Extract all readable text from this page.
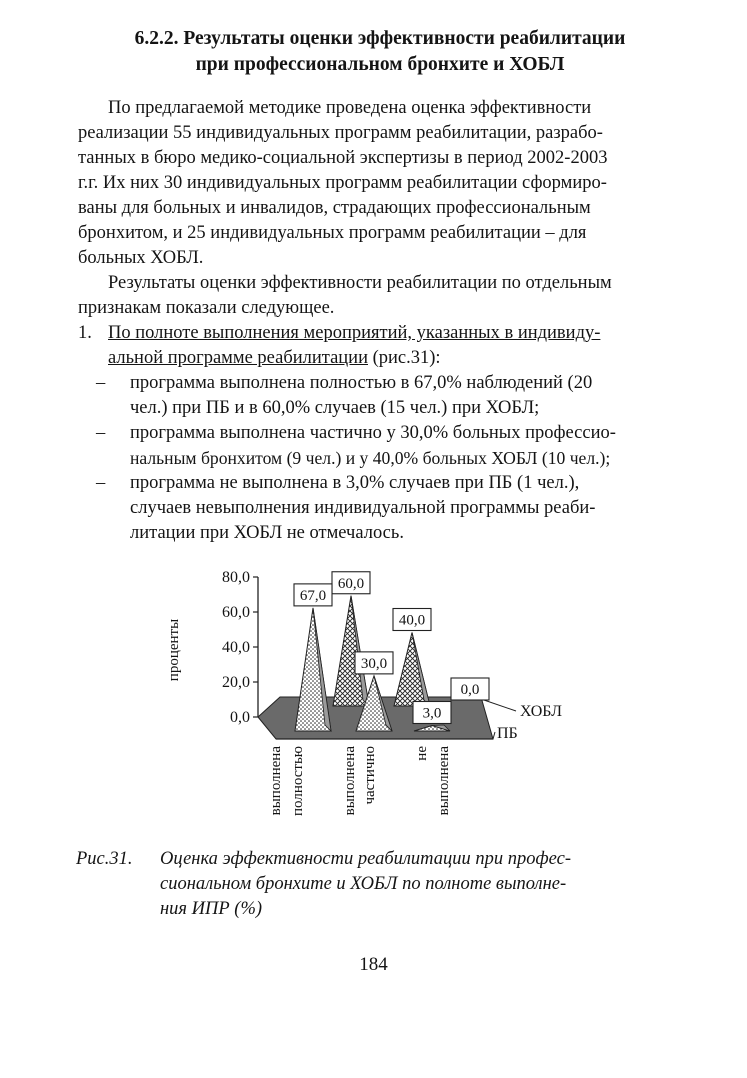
6.2.2. Результаты оценки эффективности реабилитации
при профессиональном бронхите и ХОБЛ
По предлагаемой методике проведена оценка эффективности
реализации 55 индивидуальных программ реабилитации, разрабо-
танных в бюро медико-социальной экспертизы в период 2002-2003
г.г. Их них 30 индивидуальных программ реабилитации сформиро-
ваны для больных и инвалидов, страдающих профессиональным
бронхитом, и 25 индивидуальных программ реабилитации – для
больных ХОБЛ.
Результаты оценки эффективности реабилитации по отдельным
признакам показали следующее.
1. По полноте выполнения мероприятий, указанных в индивиду-
альной программе реабилитации (рис.31):
– программа выполнена полностью в 67,0% наблюдений (20
чел.) при ПБ и в 60,0% случаев (15 чел.) при ХОБЛ;
– программа выполнена частично у 30,0% больных профессио-
нальным бронхитом (9 чел.) и у 40,0% больных ХОБЛ (10 чел.);
– программа не выполнена в 3,0% случаев при ПБ (1 чел.),
случаев невыполнения индивидуальной программы реаби-
литации при ХОБЛ не отмечалось.
80,0
60,0
40,0
20,0
0,0
проценты
ХОБЛ
ПБ
60,0
40,0
0,0
67,0
30,0
3,0
выполнена полностью выполнена частично не выполнена
Рис.31. Оценка эффективности реабилитации при профес-
сиональном бронхите и ХОБЛ по полноте выполне-
ния ИПР (%)
184
